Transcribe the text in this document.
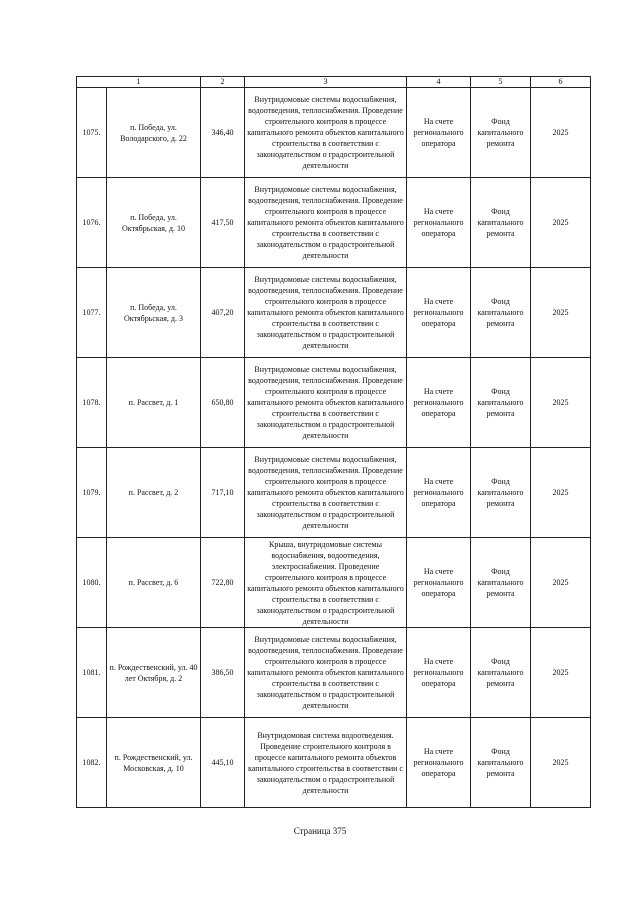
1		2	3	4	5	6
1075.	п. Победа, ул. Володарского, д. 22	346,40	Внутридомовые системы водоснабжения, водоотведения, теплоснабжения. Проведение строительного контроля в процессе капитального ремонта объектов капитального строительства в соответствии с законодательством о градостроительной деятельности	На счете регионального оператора	Фонд капитального ремонта	2025
1076.	п. Победа, ул. Октябрьская, д. 10	417,50	Внутридомовые системы водоснабжения, водоотведения, теплоснабжения. Проведение строительного контроля в процессе капитального ремонта объектов капитального строительства в соответствии с законодательством о градостроительной деятельности	На счете регионального оператора	Фонд капитального ремонта	2025
1077.	п. Победа, ул. Октябрьская, д. 3	407,20	Внутридомовые системы водоснабжения, водоотведения, теплоснабжения. Проведение строительного контроля в процессе капитального ремонта объектов капитального строительства в соответствии с законодательством о градостроительной деятельности	На счете регионального оператора	Фонд капитального ремонта	2025
1078.	п. Рассвет, д. 1	650,80	Внутридомовые системы водоснабжения, водоотведения, теплоснабжения. Проведение строительного контроля в процессе капитального ремонта объектов капитального строительства в соответствии с законодательством о градостроительной деятельности	На счете регионального оператора	Фонд капитального ремонта	2025
1079.	п. Рассвет, д. 2	717,10	Внутридомовые системы водоснабжения, водоотведения, теплоснабжения. Проведение строительного контроля в процессе капитального ремонта объектов капитального строительства в соответствии с законодательством о градостроительной деятельности	На счете регионального оператора	Фонд капитального ремонта	2025
1080.	п. Рассвет, д. 6	722,80	Крыша, внутридомовые системы водоснабжения, водоотведения, электроснабжения. Проведение строительного контроля в процессе капитального ремонта объектов капитального строительства в соответствии с законодательством о градостроительной деятельности	На счете регионального оператора	Фонд капитального ремонта	2025
1081.	п. Рождественский, ул. 40 лет Октября, д. 2	386,50	Внутридомовые системы водоснабжения, водоотведения, теплоснабжения. Проведение строительного контроля в процессе капитального ремонта объектов капитального строительства в соответствии с законодательством о градостроительной деятельности	На счете регионального оператора	Фонд капитального ремонта	2025
1082.	п. Рождественский, ул. Московская, д. 10	445,10	Внутридомовая система водоотведения. Проведение строительного контроля в процессе капитального ремонта объектов капитального строительства в соответствии с законодательством о градостроительной деятельности	На счете регионального оператора	Фонд капитального ремонта	2025
Страница 375
